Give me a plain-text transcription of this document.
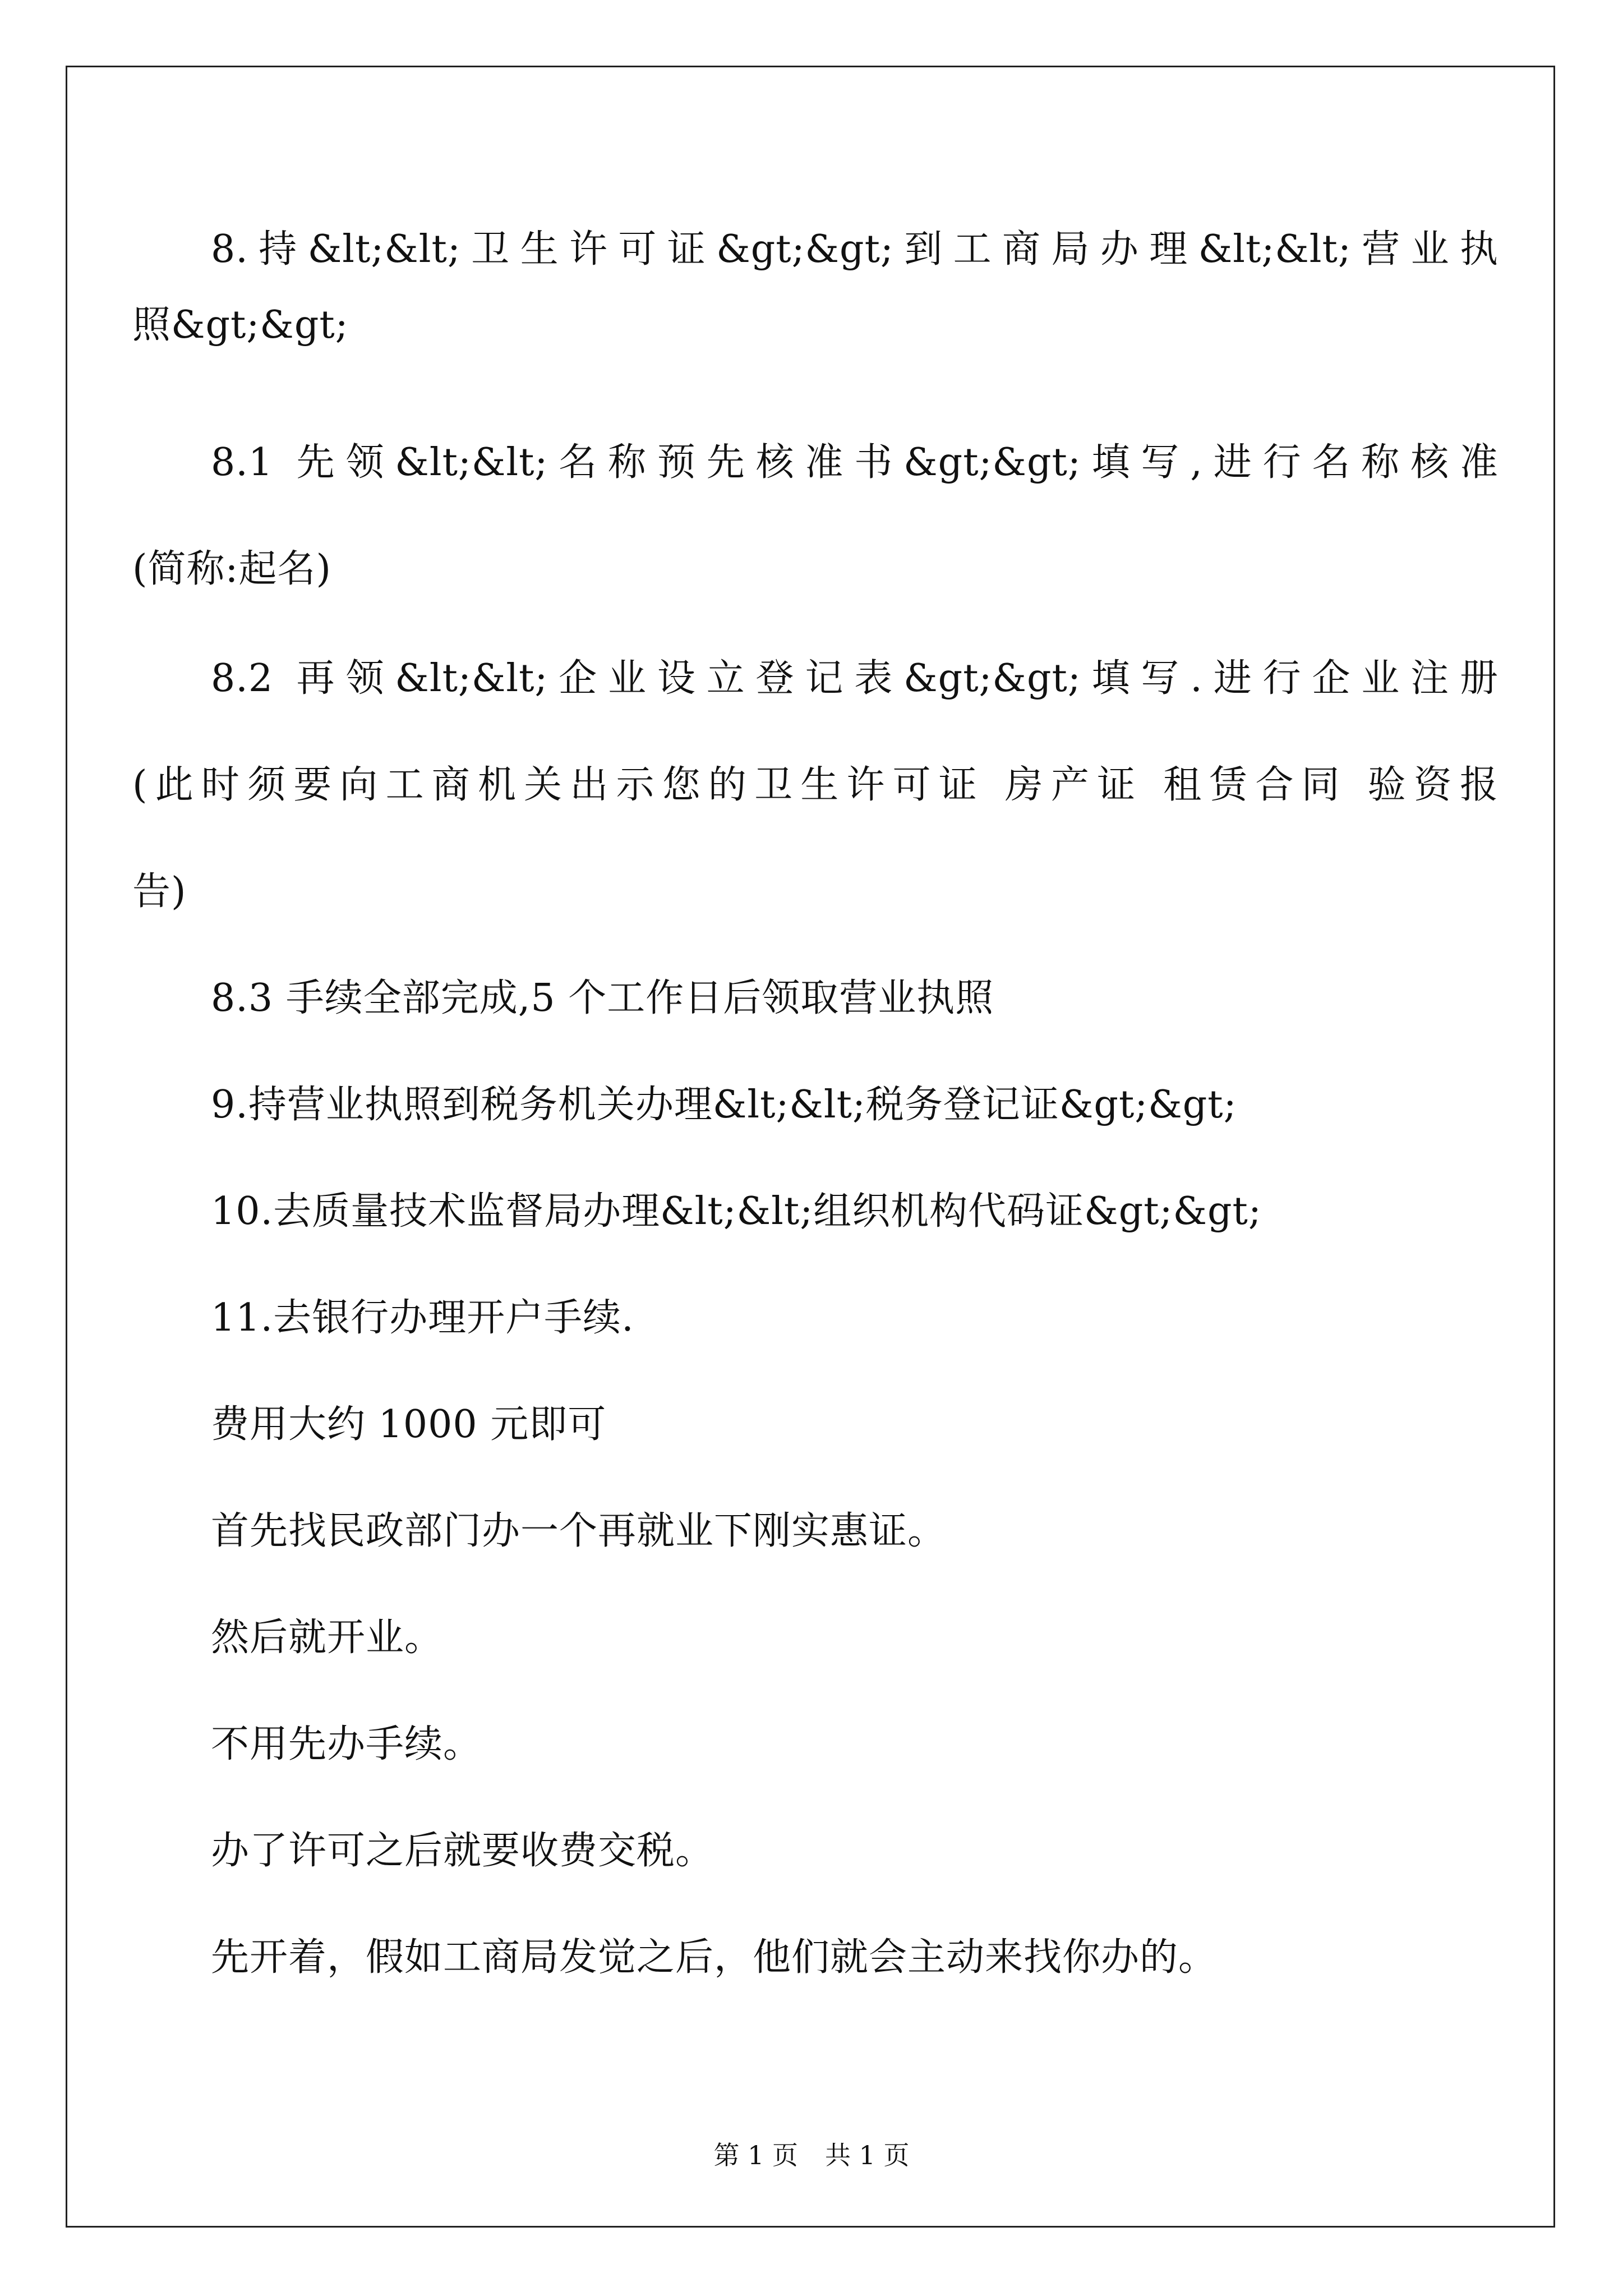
8.持&lt;&lt;卫生许可证&gt;&gt;到工商局办理&lt;&lt;营业执
照&gt;&gt;
8.1 先领&lt;&lt;名称预先核准书&gt;&gt;填写,进行名称核准
(简称:起名)
8.2 再领&lt;&lt;企业设立登记表&gt;&gt;填写.进行企业注册
(此时须要向工商机关出示您的卫生许可证 房产证 租赁合同 验资报
告)
8.3 手续全部完成,5 个工作日后领取营业执照
9.持营业执照到税务机关办理&lt;&lt;税务登记证&gt;&gt;
10.去质量技术监督局办理&lt;&lt;组织机构代码证&gt;&gt;
11.去银行办理开户手续.
费用大约 1000 元即可
首先找民政部门办一个再就业下刚实惠证。
然后就开业。
不用先办手续。
办了许可之后就要收费交税。
先开着，假如工商局发觉之后，他们就会主动来找你办的。
第 1 页 共 1 页
